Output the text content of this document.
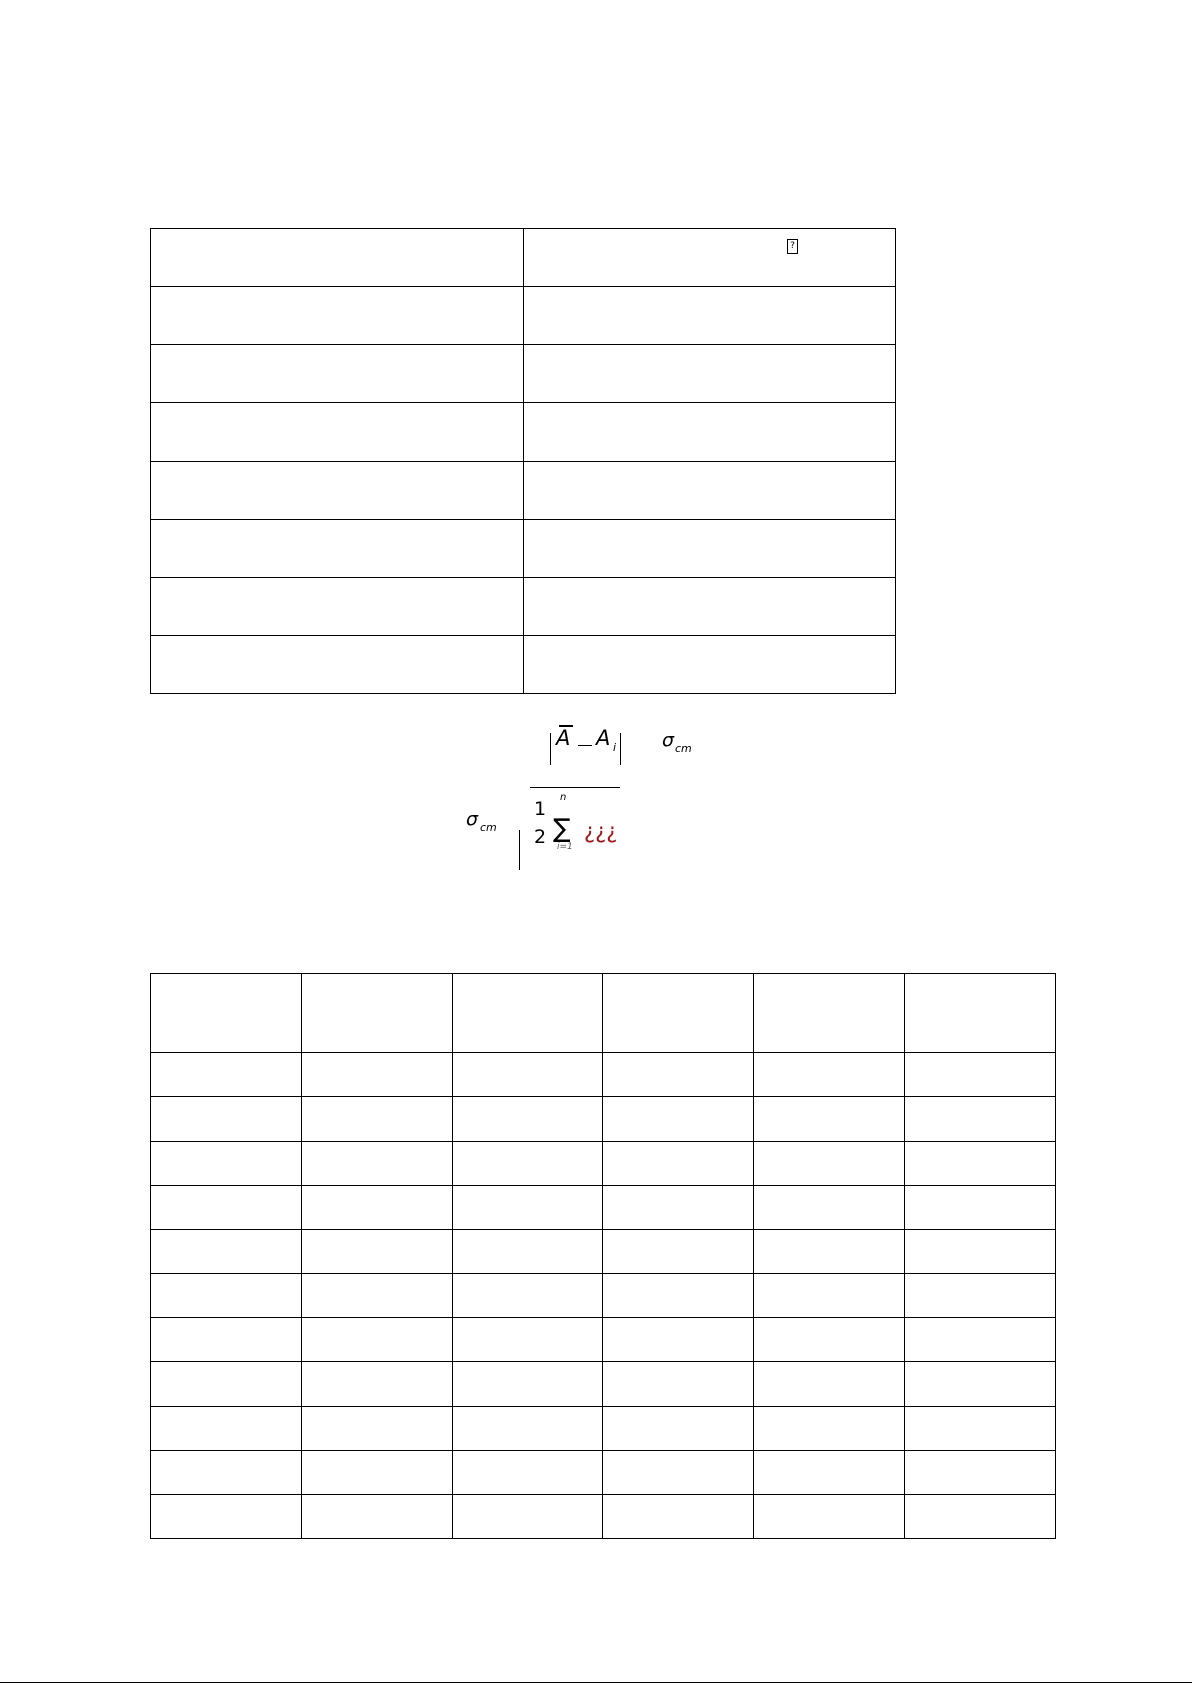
	?

A A i σ cm
σ cm
1
2
n
∑
i=1
¿¿¿
